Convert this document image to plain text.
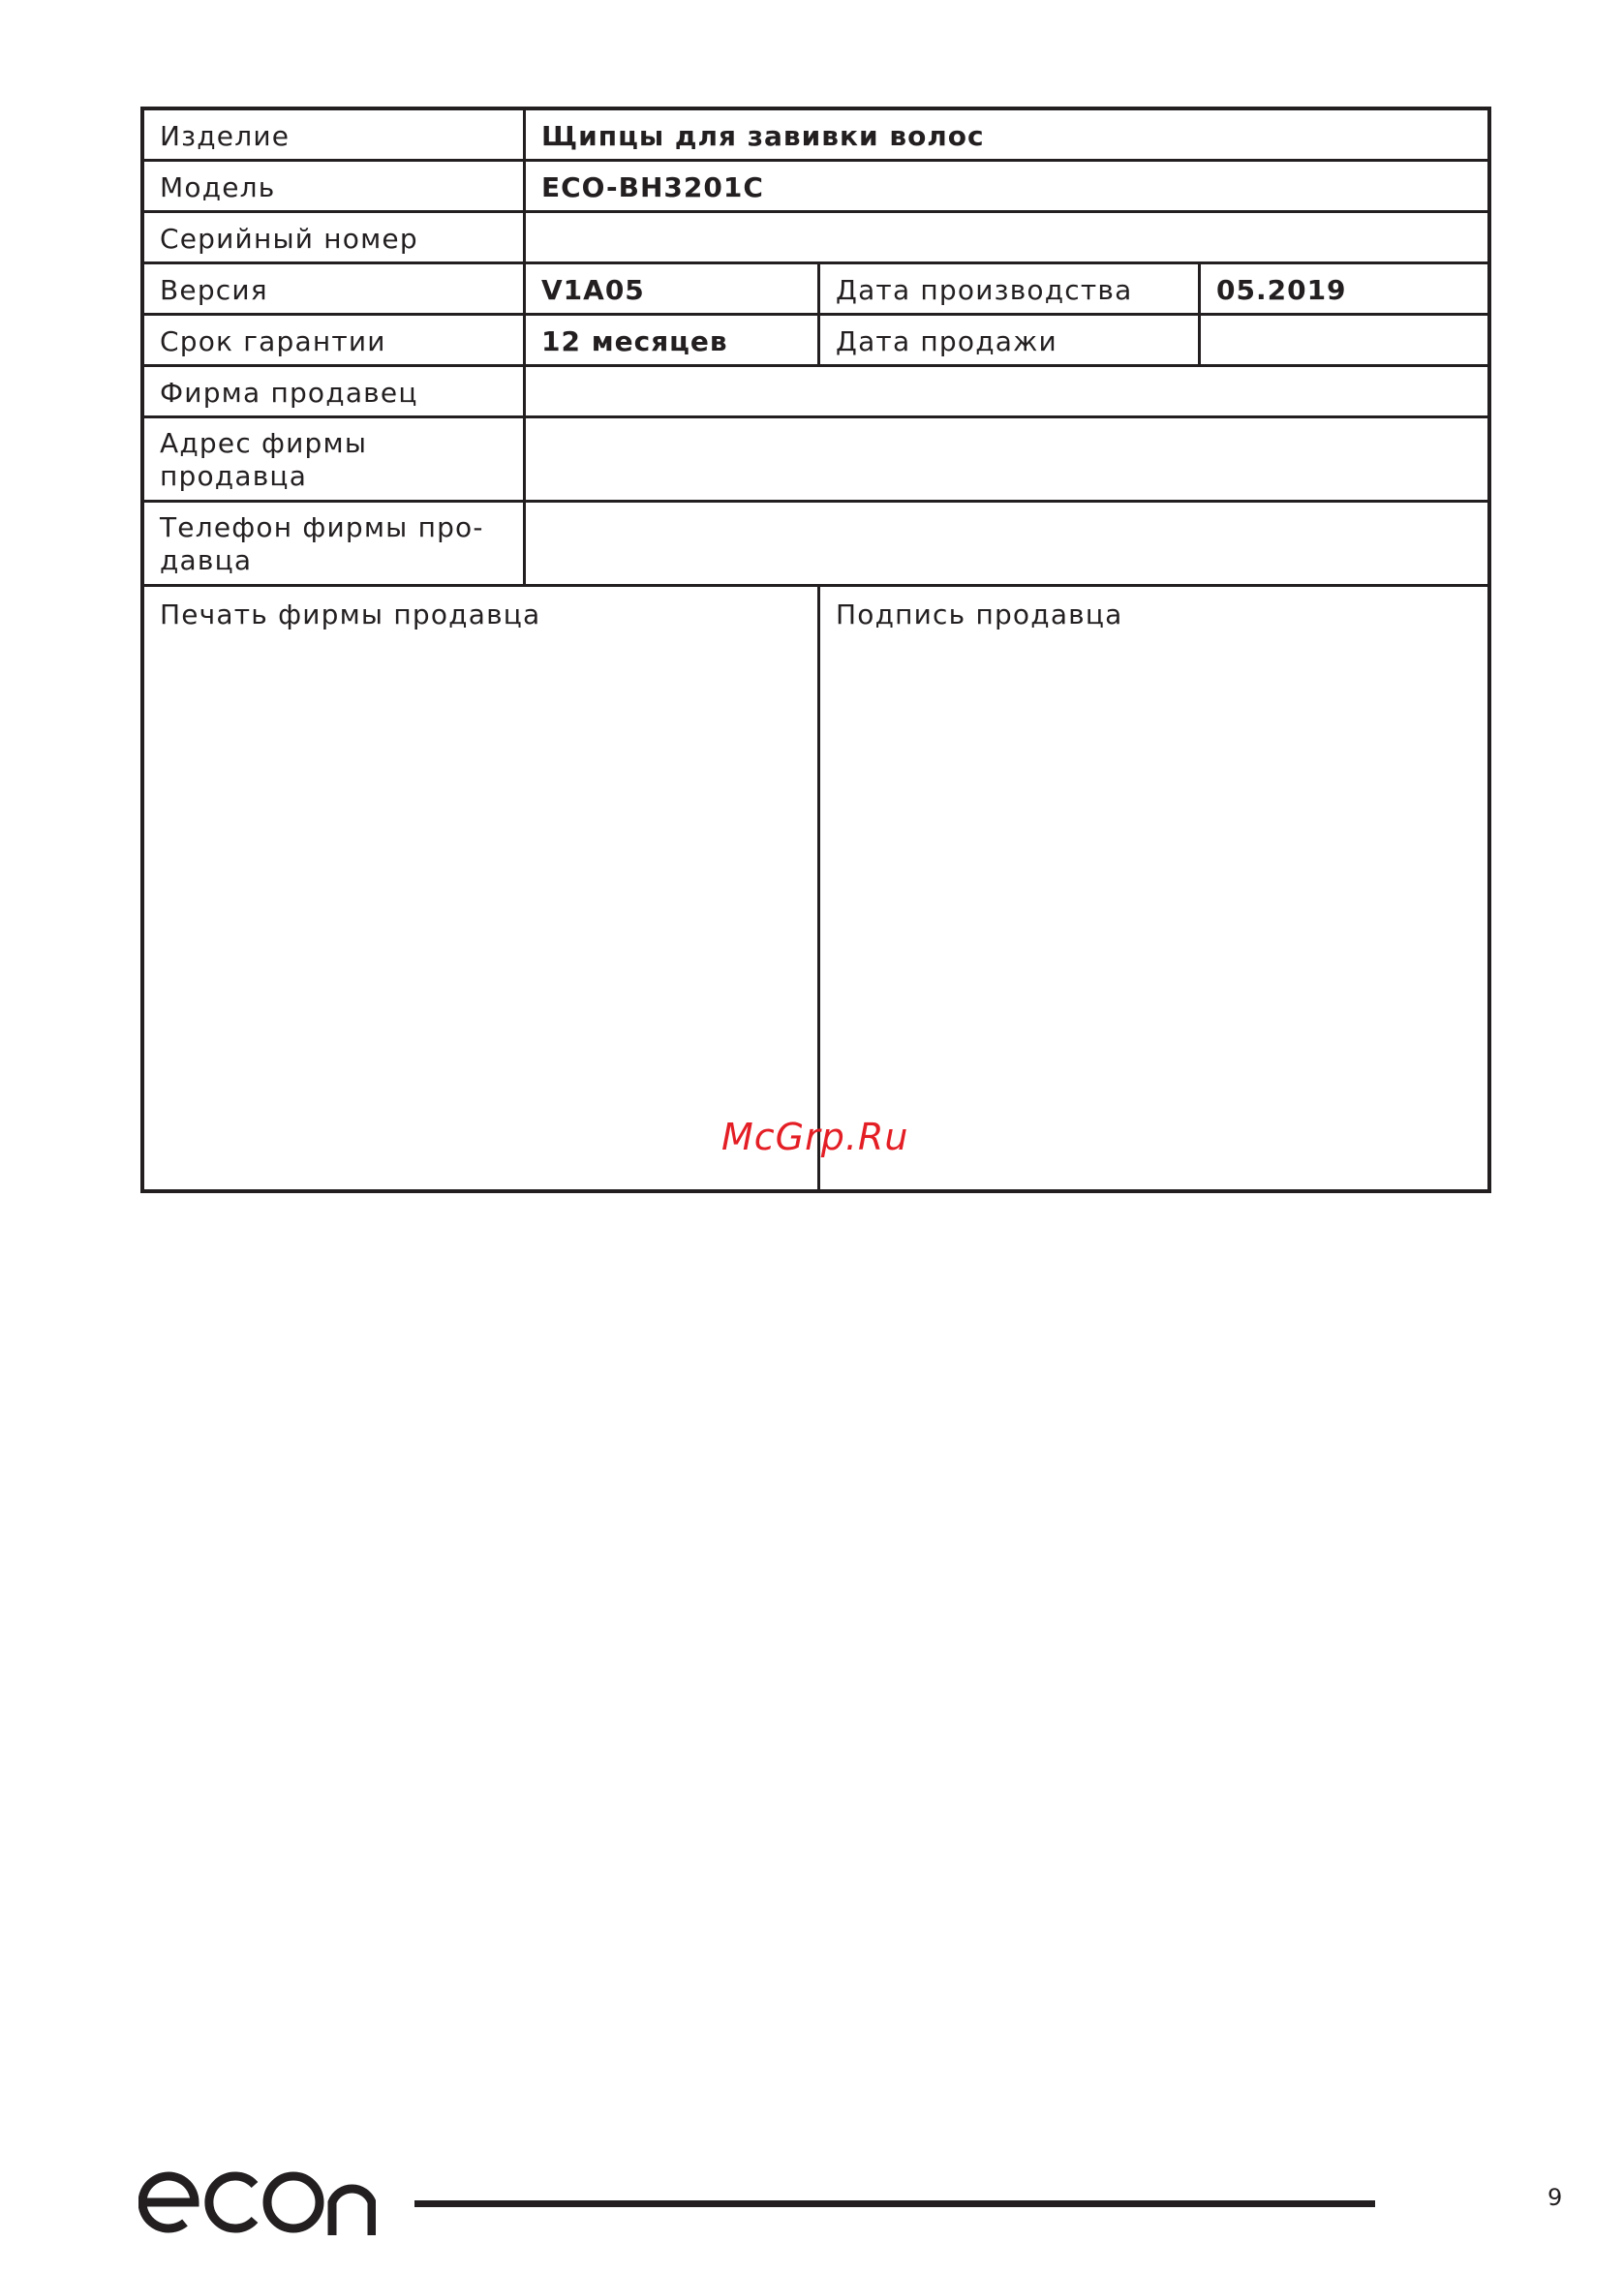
Изделие	Щипцы для завивки волос
Модель	ECO-BH3201C
Серийный номер
Версия	V1A05	Дата производства	05.2019
Срок гарантии	12 месяцев	Дата продажи
Фирма продавец
Адрес фирмы продавца
Телефон фирмы про-давца
Печать фирмы продавца	Подпись продавца
McGrp.Ru
9
